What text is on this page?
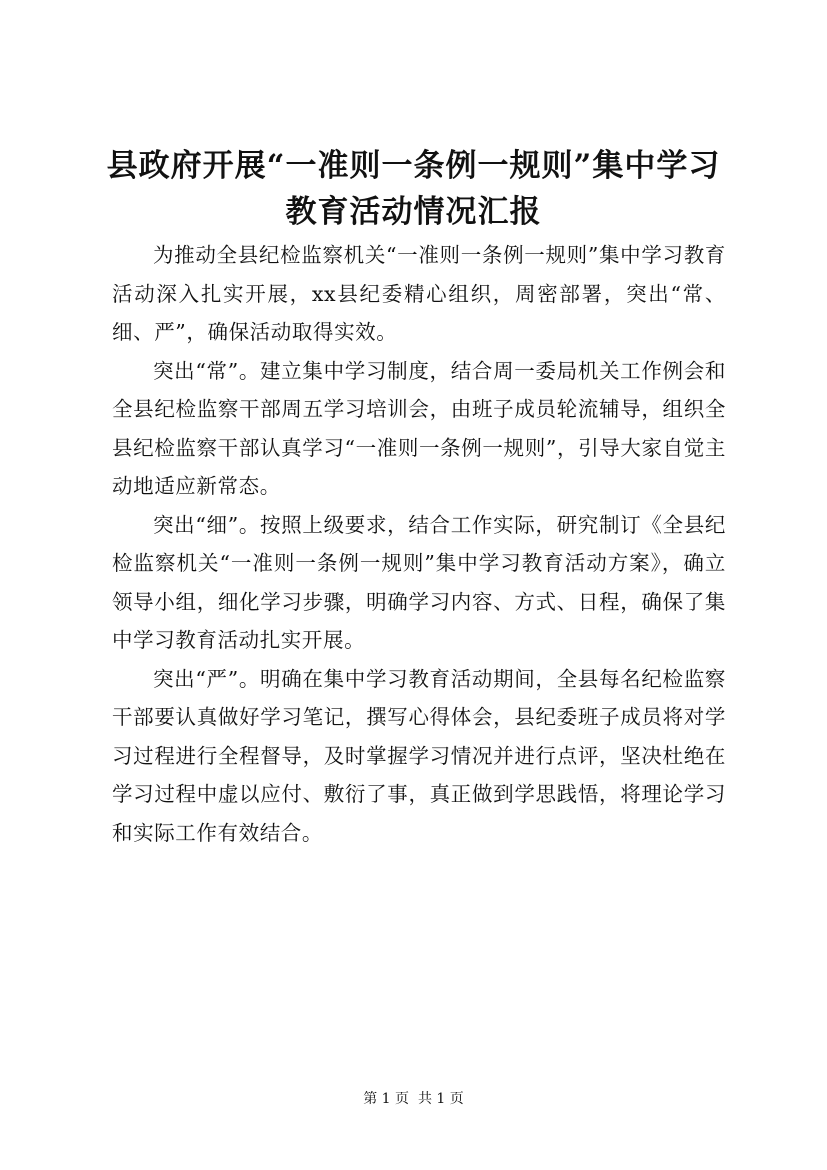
县政府开展“一准则一条例一规则”集中学习
教育活动情况汇报

为推动全县纪检监察机关“一准则一条例一规则”集中学习教育活动深入扎实开展，xx县纪委精心组织，周密部署，突出“常、细、严”，确保活动取得实效。

突出“常”。建立集中学习制度，结合周一委局机关工作例会和全县纪检监察干部周五学习培训会，由班子成员轮流辅导，组织全县纪检监察干部认真学习“一准则一条例一规则”，引导大家自觉主动地适应新常态。

突出“细”。按照上级要求，结合工作实际，研究制订《全县纪检监察机关“一准则一条例一规则”集中学习教育活动方案》，确立领导小组，细化学习步骤，明确学习内容、方式、日程，确保了集中学习教育活动扎实开展。

突出“严”。明确在集中学习教育活动期间，全县每名纪检监察干部要认真做好学习笔记，撰写心得体会，县纪委班子成员将对学习过程进行全程督导，及时掌握学习情况并进行点评，坚决杜绝在学习过程中虚以应付、敷衍了事，真正做到学思践悟，将理论学习和实际工作有效结合。

第 1 页  共 1 页
